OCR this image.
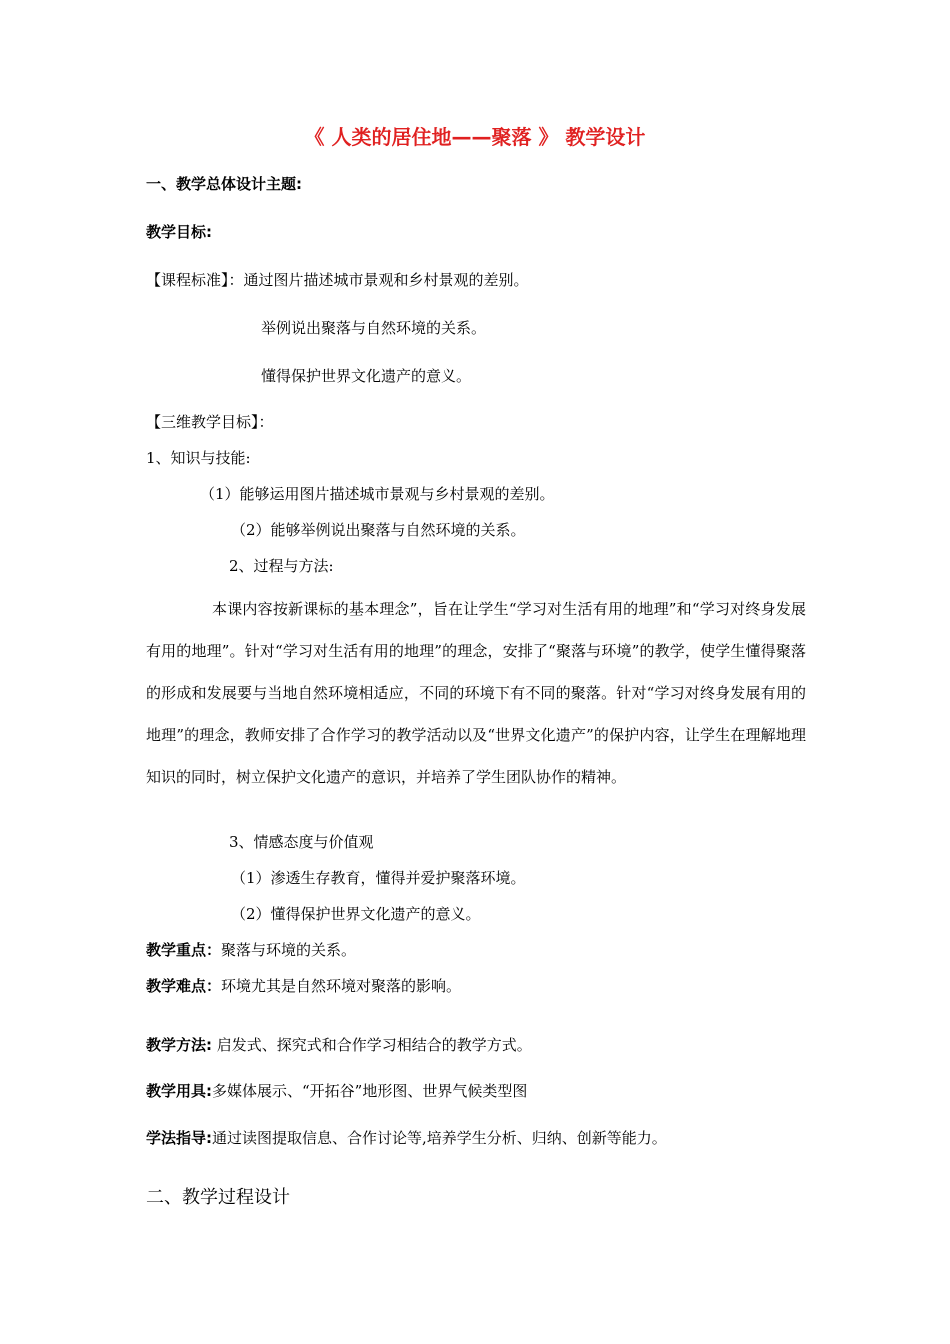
《 人类的居住地——聚落 》 教学设计
一、教学总体设计主题:
教学目标:
【课程标准】：通过图片描述城市景观和乡村景观的差别。
举例说出聚落与自然环境的关系。
懂得保护世界文化遗产的意义。
【三维教学目标】：
1、知识与技能:
（1）能够运用图片描述城市景观与乡村景观的差别。
（2）能够举例说出聚落与自然环境的关系。
2、过程与方法:

本课内容按新课标的基本理念”，旨在让学生“学习对生活有用的地理”和“学习对终身发展有用的地理”。针对“学习对生活有用的地理”的理念，安排了“聚落与环境”的教学，使学生懂得聚落的形成和发展要与当地自然环境相适应，不同的环境下有不同的聚落。针对“学习对终身发展有用的地理”的理念，教师安排了合作学习的教学活动以及“世界文化遗产”的保护内容，让学生在理解地理知识的同时，树立保护文化遗产的意识，并培养了学生团队协作的精神。

3、情感态度与价值观
（1）渗透生存教育，懂得并爱护聚落环境。
（2）懂得保护世界文化遗产的意义。
教学重点：聚落与环境的关系。
教学难点：环境尤其是自然环境对聚落的影响。
教学方法: 启发式、探究式和合作学习相结合的教学方式。
教学用具:多媒体展示、“开拓谷”地形图、世界气候类型图
学法指导:通过读图提取信息、合作讨论等,培养学生分析、归纳、创新等能力。
二、教学过程设计
